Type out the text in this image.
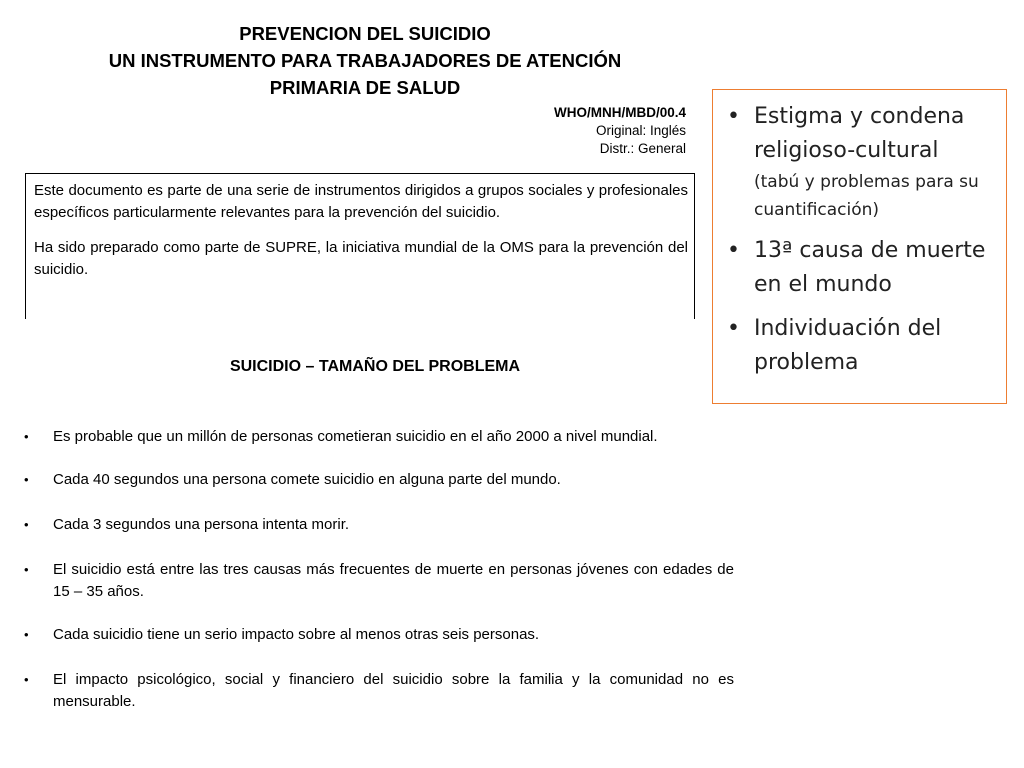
PREVENCION DEL SUICIDIO
UN INSTRUMENTO PARA TRABAJADORES DE ATENCIÓN
PRIMARIA DE SALUD
WHO/MNH/MBD/00.4
Original: Inglés
Distr.: General

Este documento es parte de una serie de instrumentos dirigidos a grupos sociales y profesionales específicos particularmente relevantes para la prevención del suicidio.

Ha sido preparado como parte de SUPRE, la iniciativa mundial de la OMS para la prevención del suicidio.

SUICIDIO – TAMAÑO DEL PROBLEMA
• Es probable que un millón de personas cometieran suicidio en el año 2000 a nivel mundial.
• Cada 40 segundos una persona comete suicidio en alguna parte del mundo.
• Cada 3 segundos una persona intenta morir.
• El suicidio está entre las tres causas más frecuentes de muerte en personas jóvenes con edades de 15 – 35 años.
• Cada suicidio tiene un serio impacto sobre al menos otras seis personas.
• El impacto psicológico, social y financiero del suicidio sobre la familia y la comunidad no es mensurable.
• Estigma y condena religioso-cultural
(tabú y problemas para su cuantificación)
• 13ª causa de muerte en el mundo
• Individuación del problema
